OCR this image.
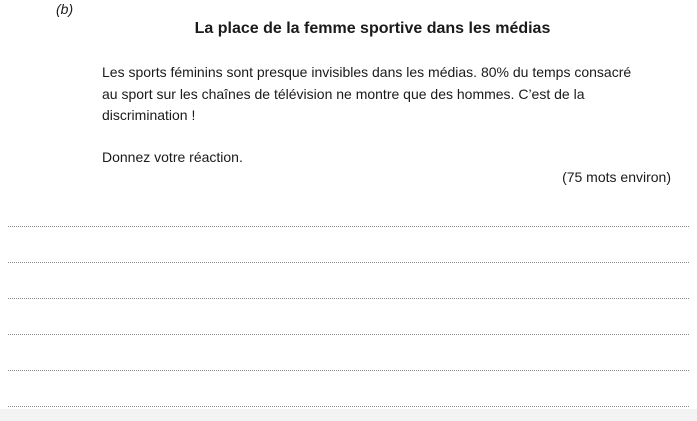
(b)
La place de la femme sportive dans les médias
Les sports féminins sont presque invisibles dans les médias. 80% du temps consacré
au sport sur les chaînes de télévision ne montre que des hommes. C’est de la
discrimination !
Donnez votre réaction.
(75 mots environ)
